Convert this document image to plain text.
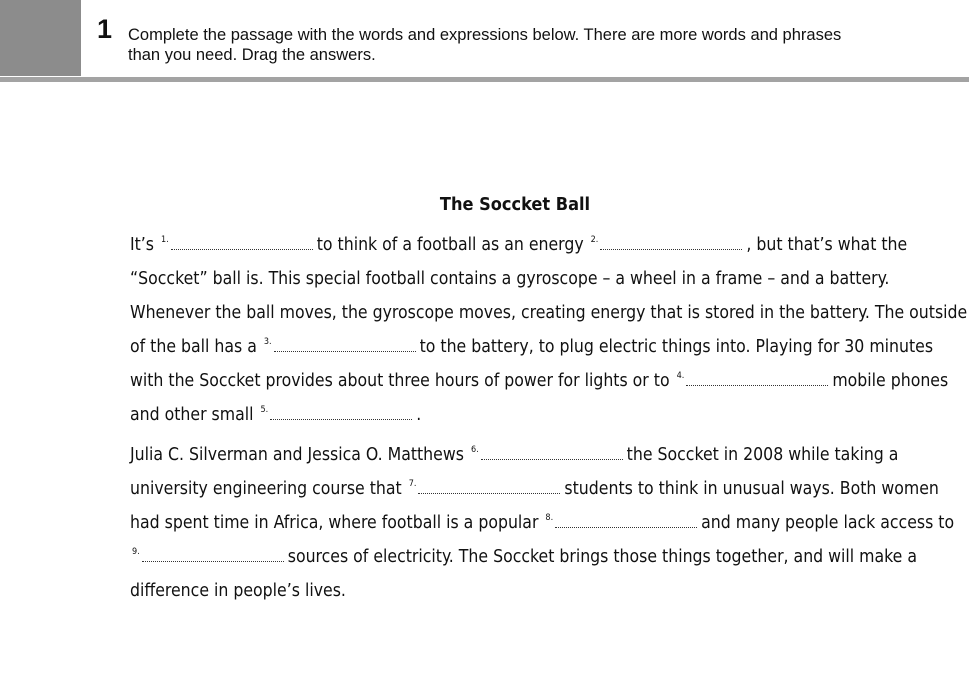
1 Complete the passage with the words and expressions below. There are more words and phrases
than you need. Drag the answers.
The Soccket Ball
It’s $^{1.}$	to think of a football as an energy $^{2.}$	, but that’s what the
“Soccket” ball is. This special football contains a gyroscope – a wheel in a frame – and a battery.
Whenever the ball moves, the gyroscope moves, creating energy that is stored in the battery. The outside
of the ball has a $^{3.}$	to the battery, to plug electric things into. Playing for 30 minutes
with the Soccket provides about three hours of power for lights or to $^{4.}$	mobile phones
and other small $^{5.}$	.
Julia C. Silverman and Jessica O. Matthews $^{6.}$	the Soccket in 2008 while taking a
university engineering course that $^{7.}$	students to think in unusual ways. Both women
had spent time in Africa, where football is a popular $^{8.}$	and many people lack access to
$^{9.}$	sources of electricity. The Soccket brings those things together, and will make a
difference in people’s lives.
